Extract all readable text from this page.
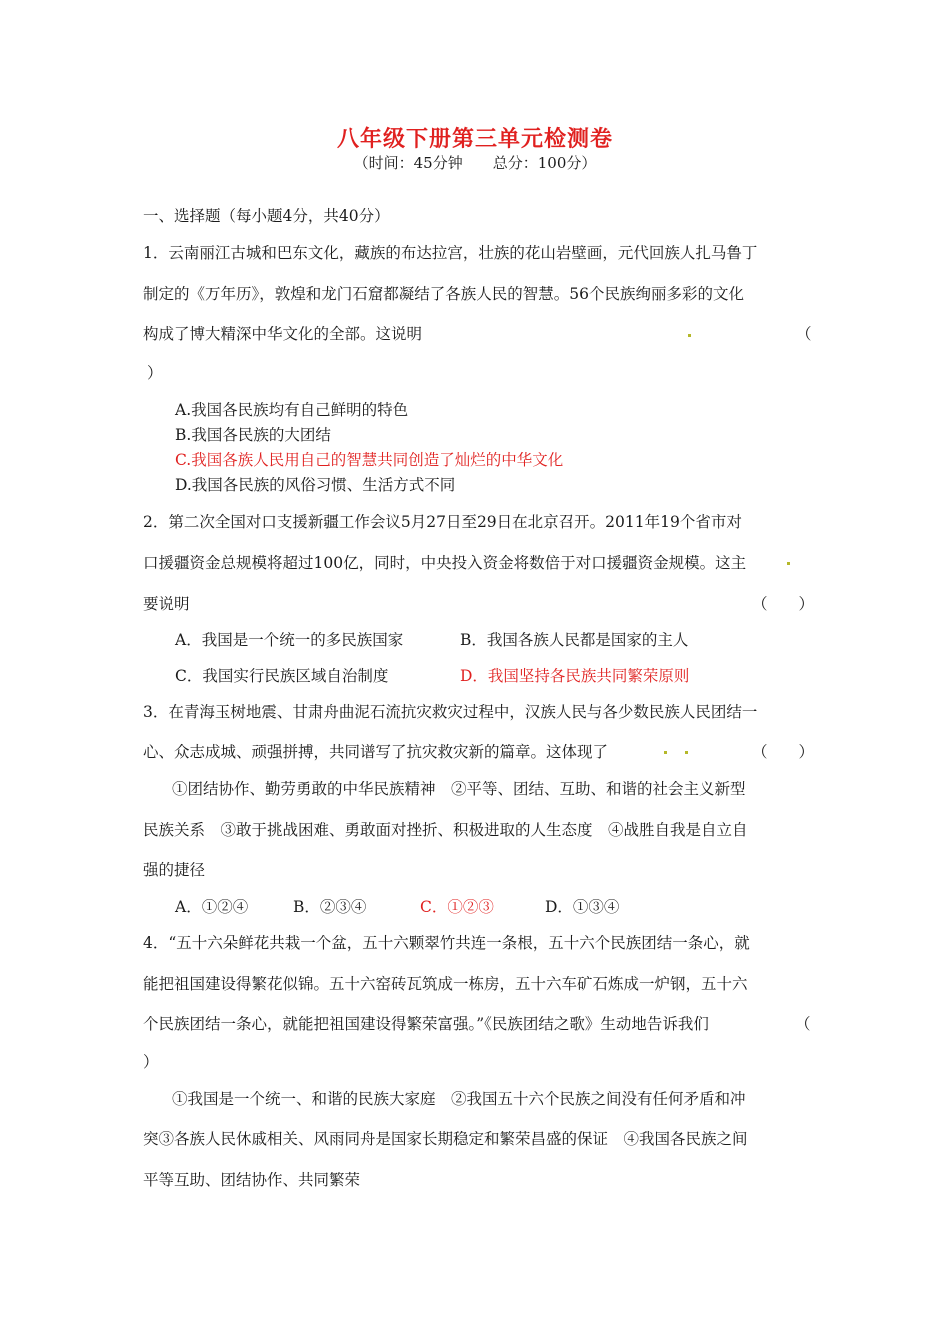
八年级下册第三单元检测卷
（时间：45分钟　　总分：100分）
一、选择题（每小题4分，共40分）
1．云南丽江古城和巴东文化，藏族的布达拉宫，壮族的花山岩壁画，元代回族人扎马鲁丁
制定的《万年历》，敦煌和龙门石窟都凝结了各族人民的智慧。56个民族绚丽多彩的文化
构成了博大精深中华文化的全部。这说明	（
）
A.我国各民族均有自己鲜明的特色
B.我国各民族的大团结
C.我国各族人民用自己的智慧共同创造了灿烂的中华文化
D.我国各民族的风俗习惯、生活方式不同
2．第二次全国对口支援新疆工作会议5月27日至29日在北京召开。2011年19个省市对
口援疆资金总规模将超过100亿，同时，中央投入资金将数倍于对口援疆资金规模。这主
要说明	（　　）
A．我国是一个统一的多民族国家	B．我国各族人民都是国家的主人
C．我国实行民族区域自治制度	D．我国坚持各民族共同繁荣原则
3．在青海玉树地震、甘肃舟曲泥石流抗灾救灾过程中，汉族人民与各少数民族人民团结一
心、众志成城、顽强拼搏，共同谱写了抗灾救灾新的篇章。这体现了	（　　）
①团结协作、勤劳勇敢的中华民族精神　②平等、团结、互助、和谐的社会主义新型
民族关系　③敢于挑战困难、勇敢面对挫折、积极进取的人生态度　④战胜自我是自立自
强的捷径
A．①②④	B．②③④	C．①②③	D．①③④
4．“五十六朵鲜花共栽一个盆，五十六颗翠竹共连一条根，五十六个民族团结一条心，就
能把祖国建设得繁花似锦。五十六窑砖瓦筑成一栋房，五十六车矿石炼成一炉钢，五十六
个民族团结一条心，就能把祖国建设得繁荣富强。”《民族团结之歌》生动地告诉我们	（
）
①我国是一个统一、和谐的民族大家庭　②我国五十六个民族之间没有任何矛盾和冲
突③各族人民休戚相关、风雨同舟是国家长期稳定和繁荣昌盛的保证　④我国各民族之间
平等互助、团结协作、共同繁荣
